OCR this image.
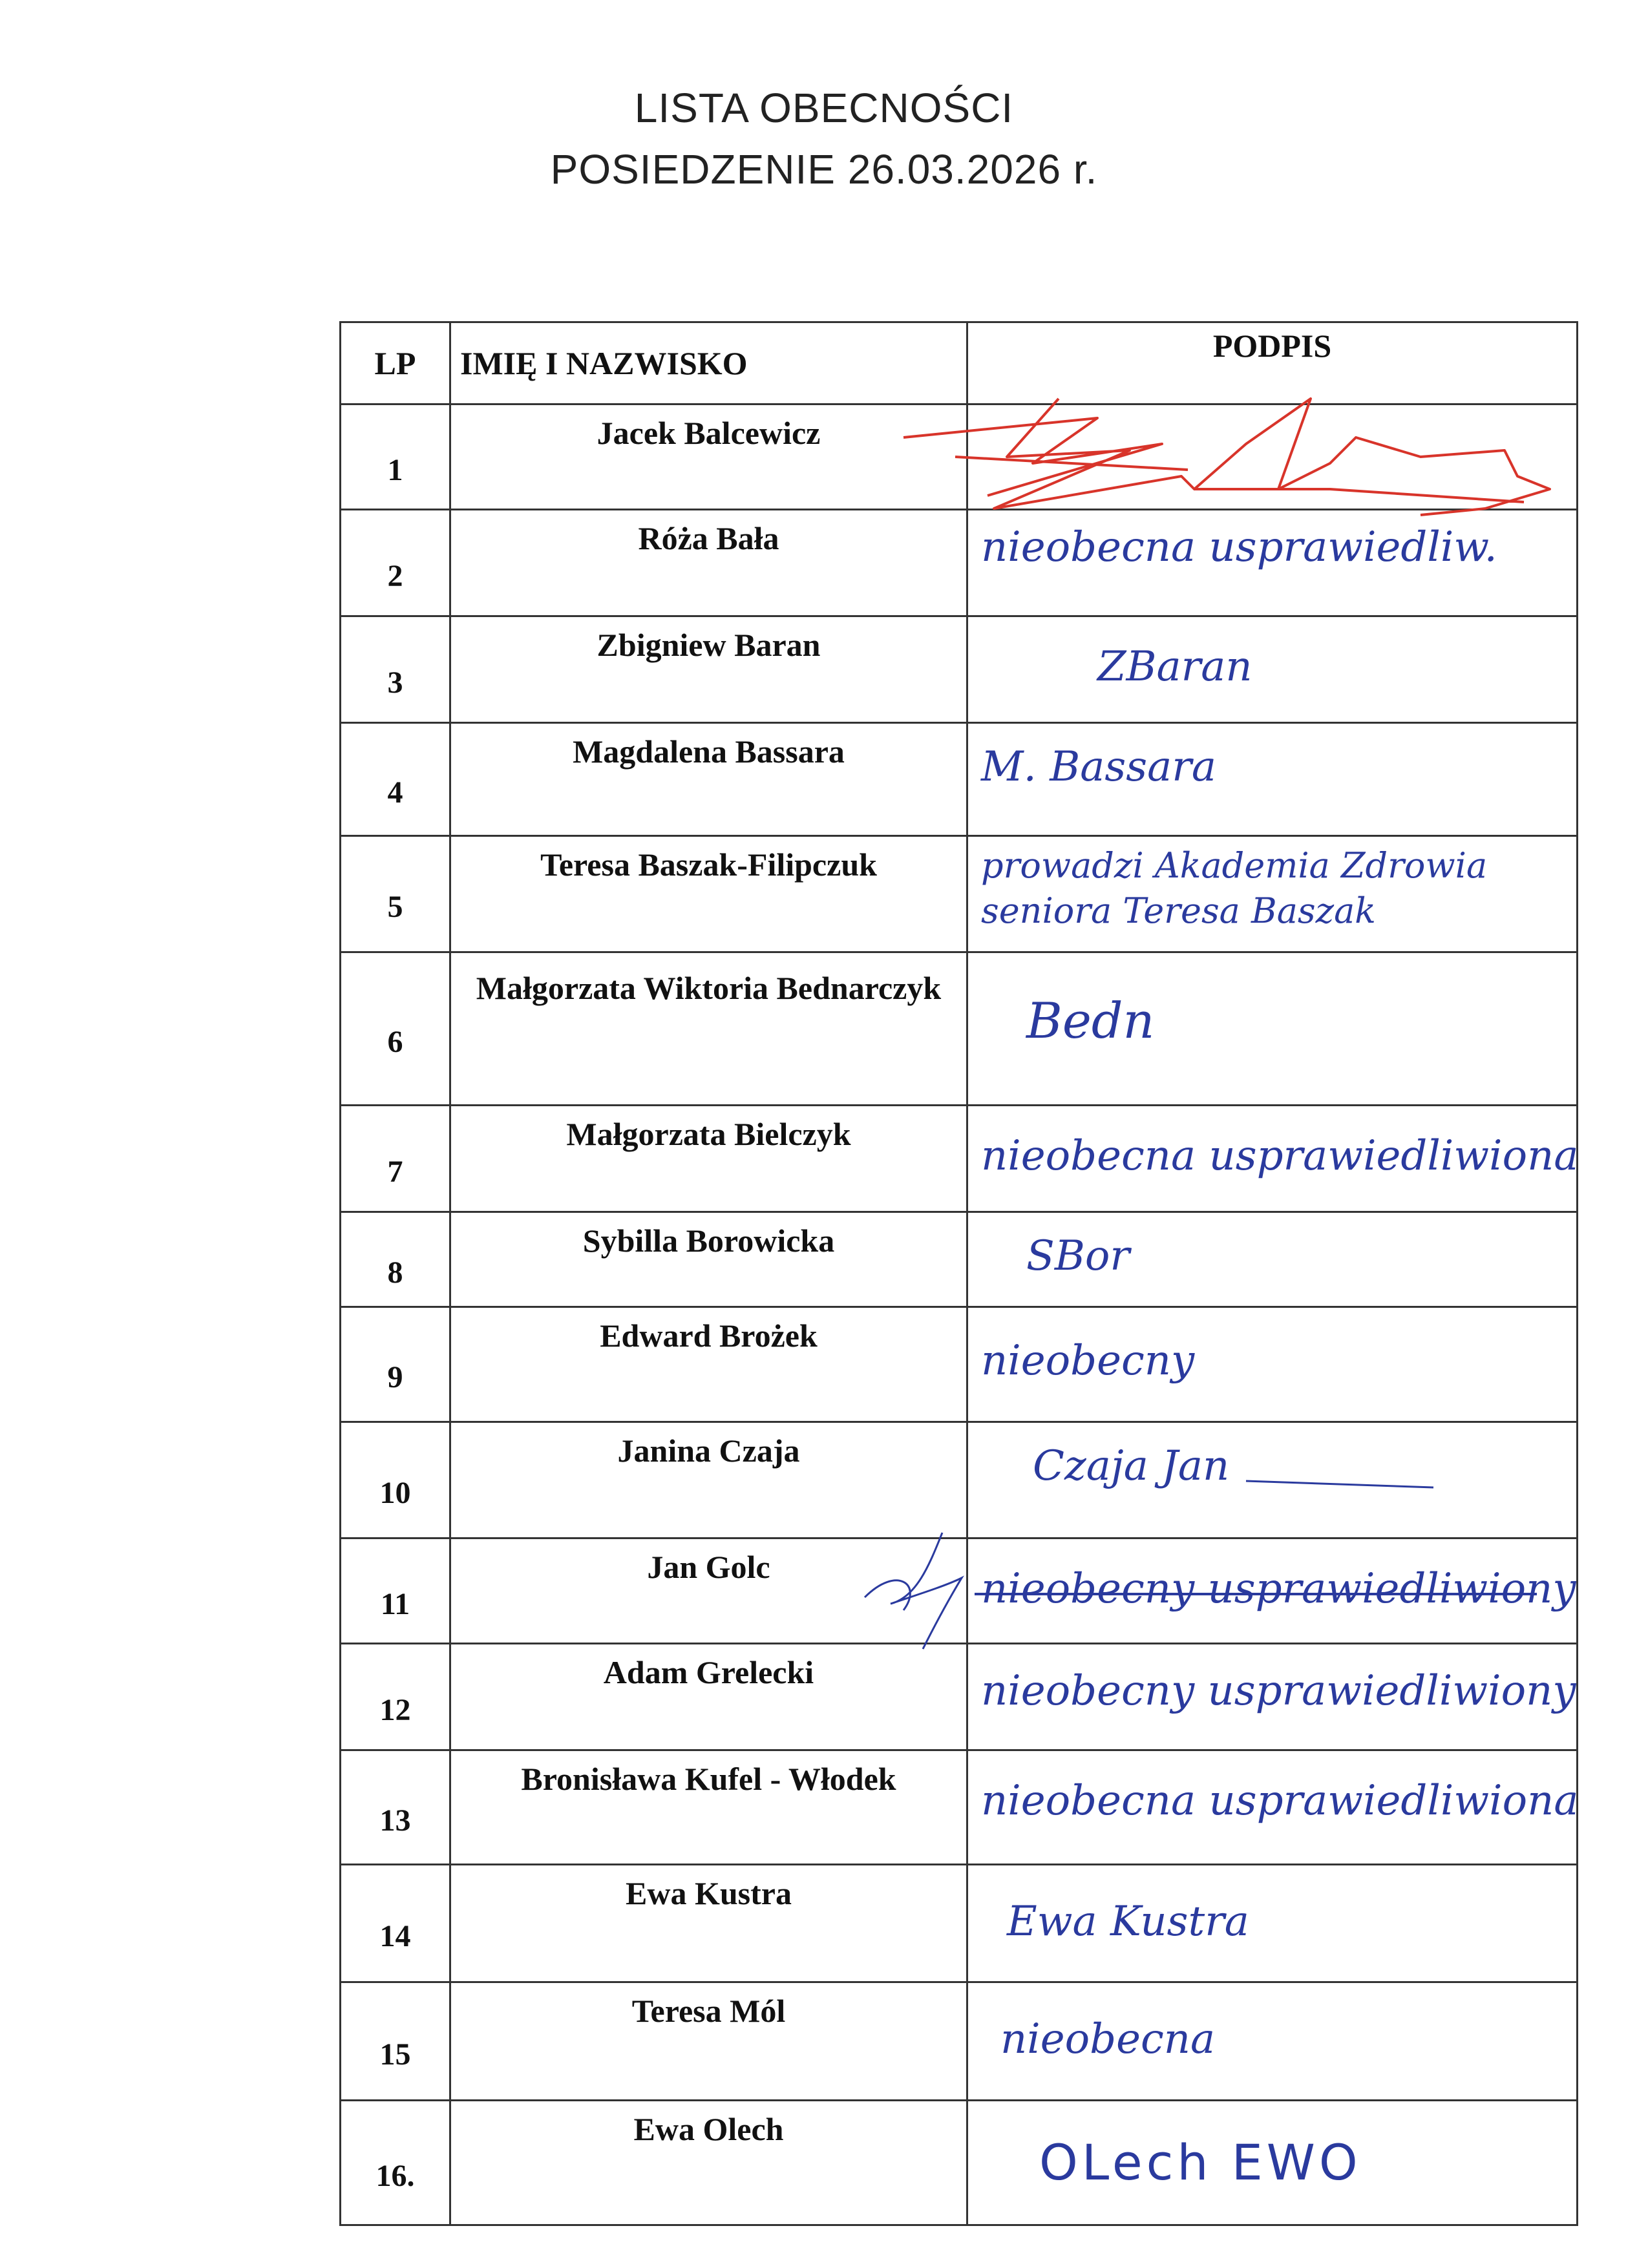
LISTA OBECNOŚCI
POSIEDZENIE 26.03.2026 r.
LP	IMIĘ I NAZWISKO	PODPIS
1	Jacek Balcewicz

2	Róża Bała	nieobecna usprawiedliw.

3	Zbigniew Baran	ZBaran

4	Magdalena Bassara	M. Bassara

5	Teresa Baszak-Filipczuk	prowadzi Akademia Zdrowia seniora Teresa Baszak

6	Małgorzata Wiktoria Bednarczyk	Bedn

7	Małgorzata Bielczyk	nieobecna usprawiedliwiona

8	Sybilla Borowicka	SBor

9	Edward Brożek	nieobecny

10	Janina Czaja	Czaja Jan

11	Jan Golc	nieobecny usprawiedliwiony

12	Adam Grelecki	nieobecny usprawiedliwiony

13	Bronisława Kufel - Włodek	nieobecna usprawiedliwiona

14	Ewa Kustra	Ewa Kustra

15	Teresa Mól	nieobecna

16.	Ewa Olech	OLech EWO
